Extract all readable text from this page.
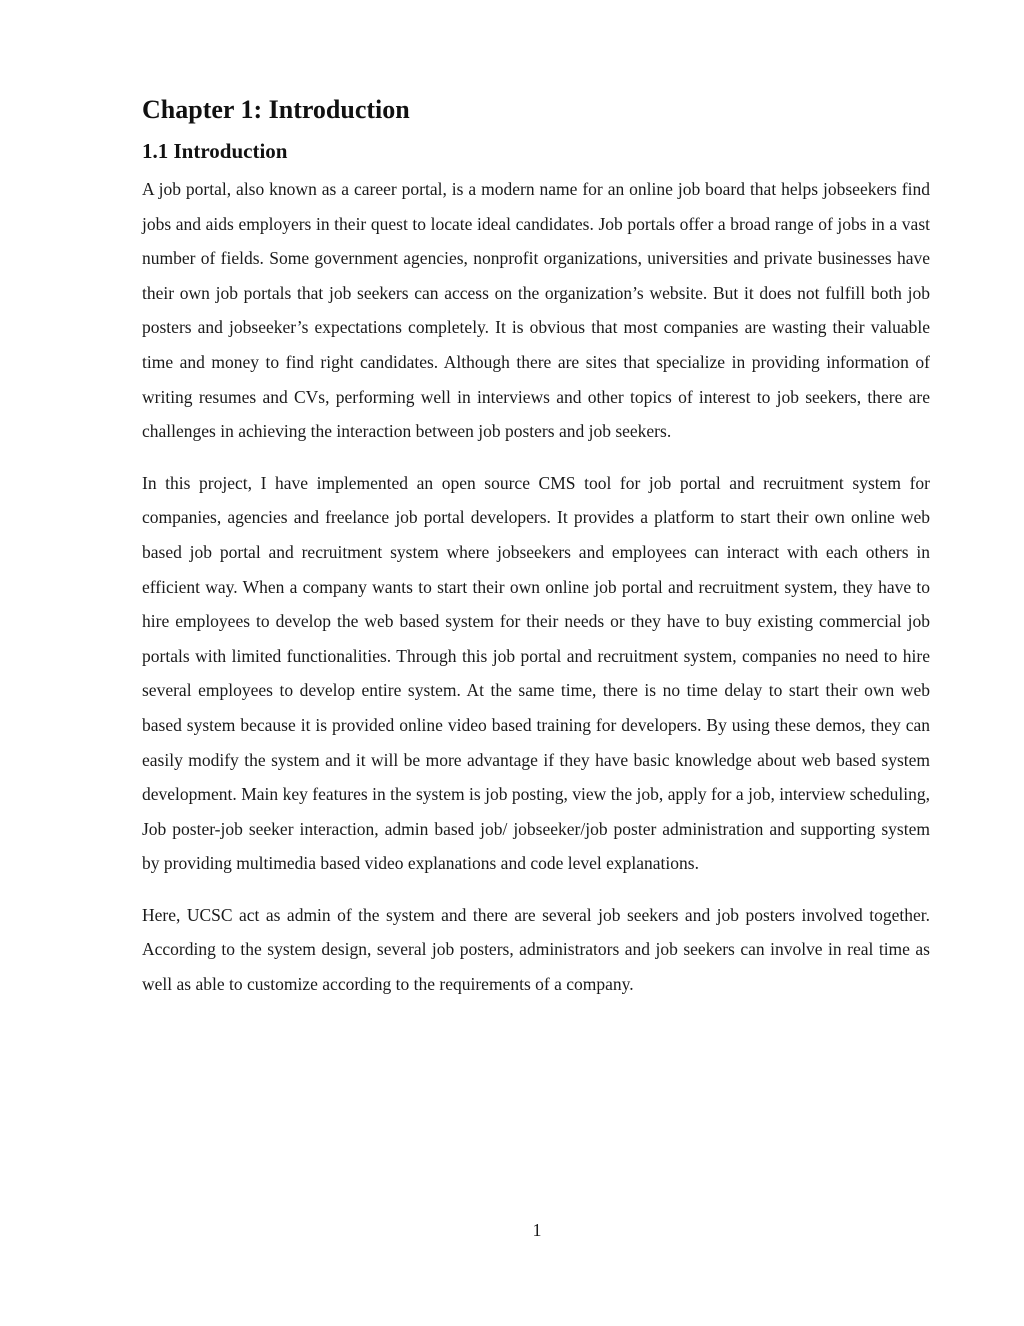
Chapter 1: Introduction
1.1 Introduction

A job portal, also known as a career portal, is a modern name for an online job board that helps jobseekers find jobs and aids employers in their quest to locate ideal candidates. Job portals offer a broad range of jobs in a vast number of fields. Some government agencies, nonprofit organizations, universities and private businesses have their own job portals that job seekers can access on the organization’s website. But it does not fulfill both job posters and jobseeker’s expectations completely. It is obvious that most companies are wasting their valuable time and money to find right candidates. Although there are sites that specialize in providing information of writing resumes and CVs, performing well in interviews and other topics of interest to job seekers, there are challenges in achieving the interaction between job posters and job seekers.

In this project, I have implemented an open source CMS tool for job portal and recruitment system for companies, agencies and freelance job portal developers. It provides a platform to start their own online web based job portal and recruitment system where jobseekers and employees can interact with each others in efficient way. When a company wants to start their own online job portal and recruitment system, they have to hire employees to develop the web based system for their needs or they have to buy existing commercial job portals with limited functionalities. Through this job portal and recruitment system, companies no need to hire several employees to develop entire system. At the same time, there is no time delay to start their own web based system because it is provided online video based training for developers. By using these demos, they can easily modify the system and it will be more advantage if they have basic knowledge about web based system development. Main key features in the system is job posting, view the job, apply for a job, interview scheduling, Job poster-job seeker interaction, admin based job/ jobseeker/job poster administration and supporting system by providing multimedia based video explanations and code level explanations.

Here, UCSC act as admin of the system and there are several job seekers and job posters involved together. According to the system design, several job posters, administrators and job seekers can involve in real time as well as able to customize according to the requirements of a company.

1
